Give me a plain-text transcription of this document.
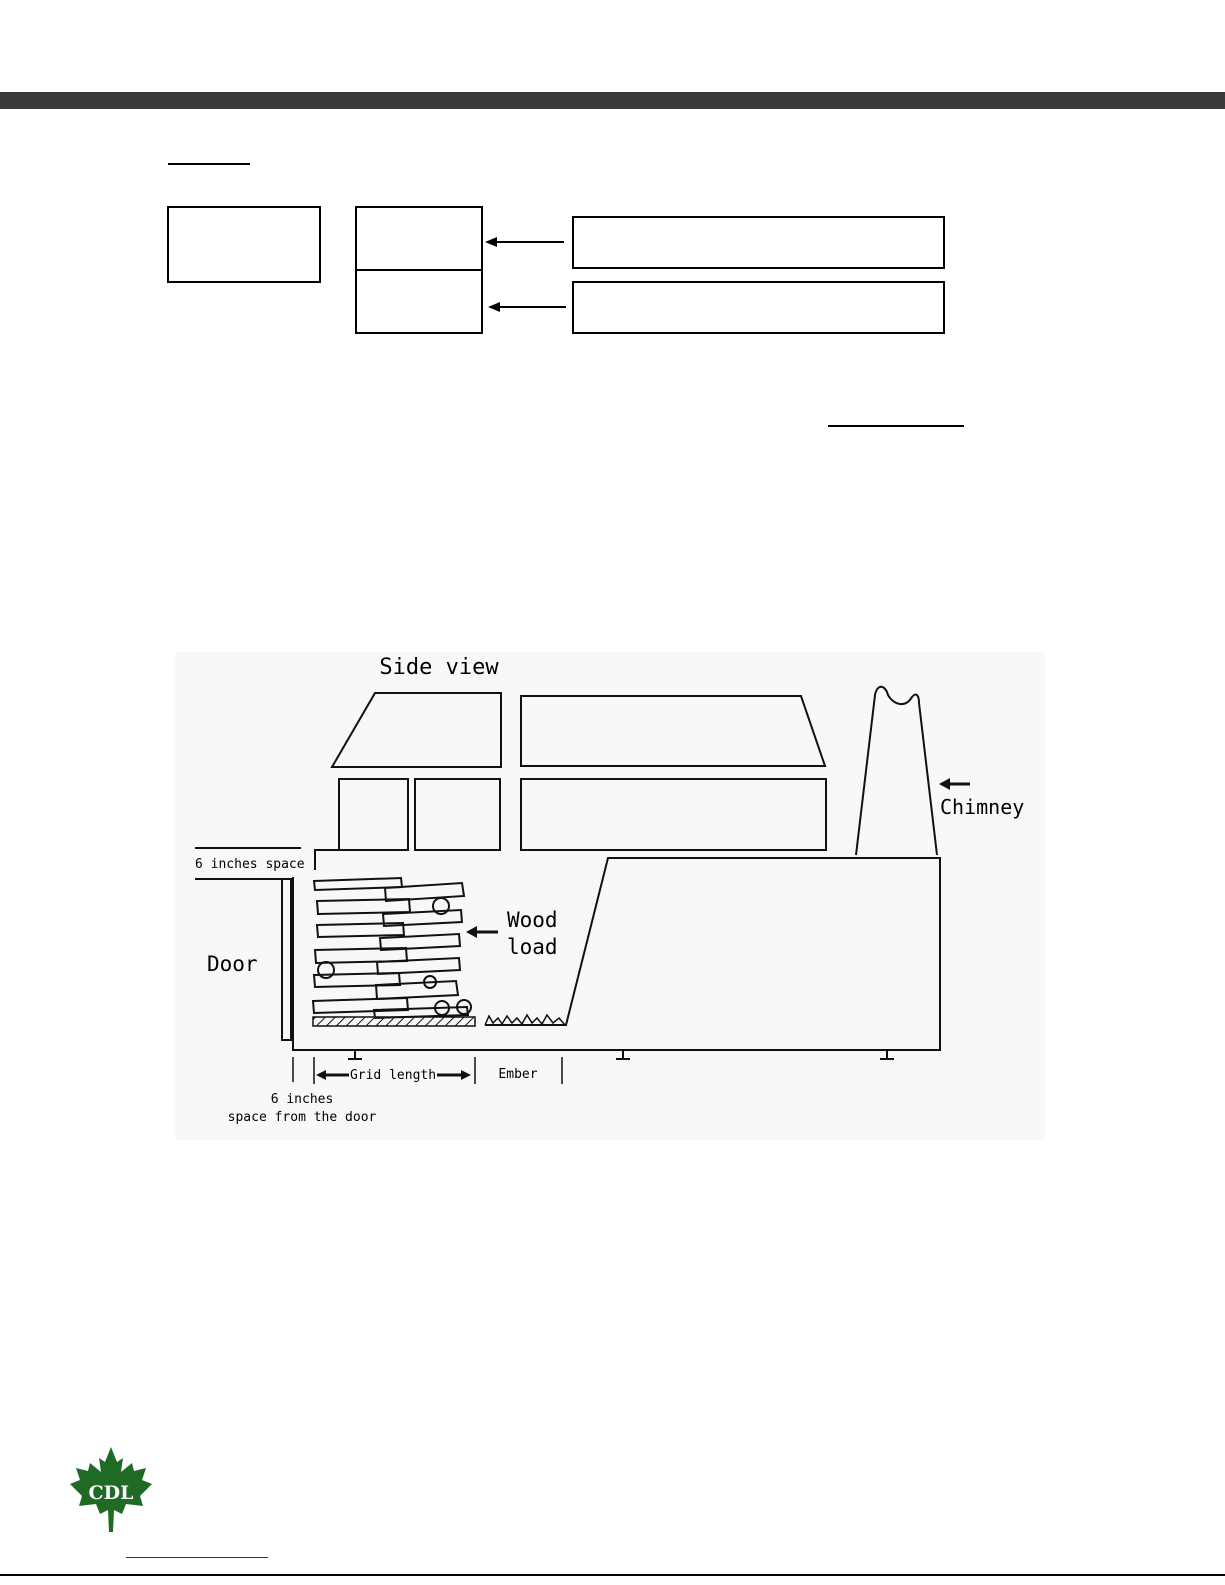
Side view
6 inches space
Door
Wood
load
Chimney
Grid length	Ember
6 inches
space from the door
CDL
